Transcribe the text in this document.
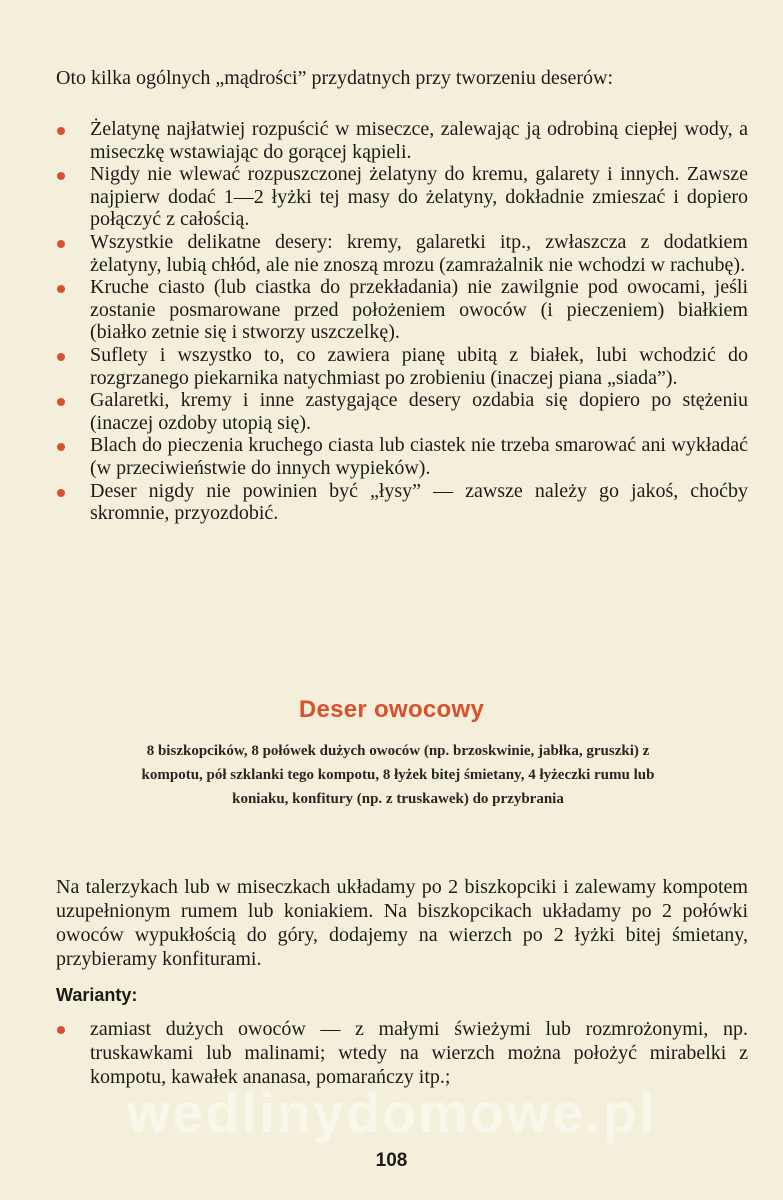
Oto kilka ogólnych „mądrości” przydatnych przy tworzeniu deserów:

Żelatynę najłatwiej rozpuścić w miseczce, zalewając ją odrobiną ciepłej wody, a miseczkę wstawiając do gorącej kąpieli.
Nigdy nie wlewać rozpuszczonej żelatyny do kremu, galarety i innych. Zawsze najpierw dodać 1—2 łyżki tej masy do żelatyny, dokładnie zmieszać i dopiero połączyć z całością.
Wszystkie delikatne desery: kremy, galaretki itp., zwłaszcza z dodatkiem żelatyny, lubią chłód, ale nie znoszą mrozu (zamrażalnik nie wchodzi w rachubę).
Kruche ciasto (lub ciastka do przekładania) nie zawilgnie pod owocami, jeśli zostanie posmarowane przed położeniem owoców (i pieczeniem) białkiem (białko zetnie się i stworzy uszczelkę).
Suflety i wszystko to, co zawiera pianę ubitą z białek, lubi wchodzić do rozgrzanego piekarnika natychmiast po zrobieniu (inaczej piana „siada”).
Galaretki, kremy i inne zastygające desery ozdabia się dopiero po stężeniu (inaczej ozdoby utopią się).
Blach do pieczenia kruchego ciasta lub ciastek nie trzeba smarować ani wykładać (w przeciwieństwie do innych wypieków).
Deser nigdy nie powinien być „łysy” — zawsze należy go jakoś, choćby skromnie, przyozdobić.
Deser owocowy
8 biszkopcików, 8 połówek dużych owoców (np. brzoskwinie, jabłka, gruszki) z kompotu, pół szklanki tego kompotu, 8 łyżek bitej śmietany, 4 łyżeczki rumu lub koniaku, konfitury (np. z truskawek) do przybrania

Na talerzykach lub w miseczkach układamy po 2 biszkopciki i zalewamy kompotem uzupełnionym rumem lub koniakiem. Na biszkopcikach układamy po 2 połówki owoców wypukłością do góry, dodajemy na wierzch po 2 łyżki bitej śmietany, przybieramy konfiturami.

Warianty:
zamiast dużych owoców — z małymi świeżymi lub rozmrożonymi, np. truskawkami lub malinami; wtedy na wierzch można położyć mirabelki z kompotu, kawałek ananasa, pomarańczy itp.;
wedlinydomowe.pl
108
